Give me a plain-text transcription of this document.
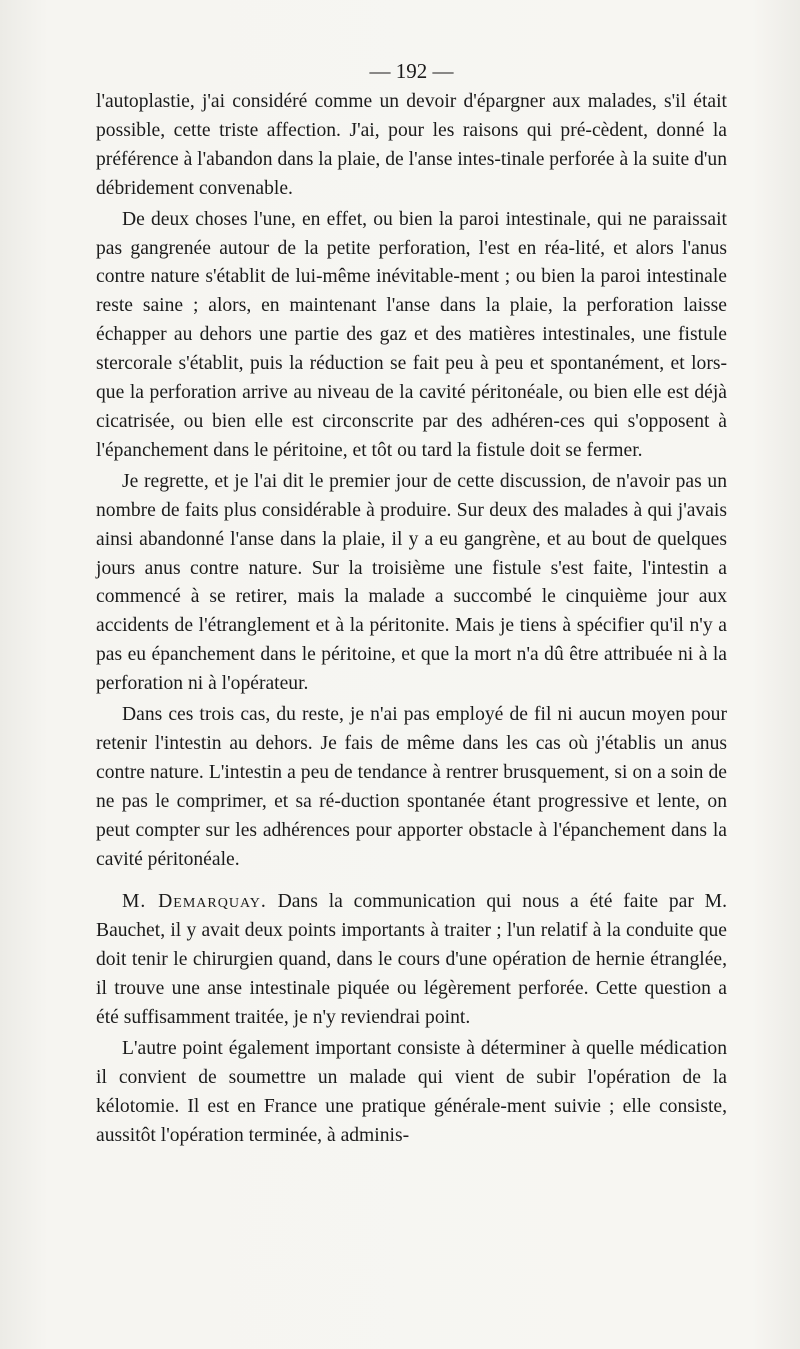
— 192 —

l'autoplastie, j'ai considéré comme un devoir d'épargner aux malades, s'il était possible, cette triste affection. J'ai, pour les raisons qui pré-cèdent, donné la préférence à l'abandon dans la plaie, de l'anse intes-tinale perforée à la suite d'un débridement convenable.

De deux choses l'une, en effet, ou bien la paroi intestinale, qui ne paraissait pas gangrenée autour de la petite perforation, l'est en réa-lité, et alors l'anus contre nature s'établit de lui-même inévitable-ment ; ou bien la paroi intestinale reste saine ; alors, en maintenant l'anse dans la plaie, la perforation laisse échapper au dehors une partie des gaz et des matières intestinales, une fistule stercorale s'établit, puis la réduction se fait peu à peu et spontanément, et lors-que la perforation arrive au niveau de la cavité péritonéale, ou bien elle est déjà cicatrisée, ou bien elle est circonscrite par des adhéren-ces qui s'opposent à l'épanchement dans le péritoine, et tôt ou tard la fistule doit se fermer.

Je regrette, et je l'ai dit le premier jour de cette discussion, de n'avoir pas un nombre de faits plus considérable à produire. Sur deux des malades à qui j'avais ainsi abandonné l'anse dans la plaie, il y a eu gangrène, et au bout de quelques jours anus contre nature. Sur la troisième une fistule s'est faite, l'intestin a commencé à se retirer, mais la malade a succombé le cinquième jour aux accidents de l'étranglement et à la péritonite. Mais je tiens à spécifier qu'il n'y a pas eu épanchement dans le péritoine, et que la mort n'a dû être attribuée ni à la perforation ni à l'opérateur.

Dans ces trois cas, du reste, je n'ai pas employé de fil ni aucun moyen pour retenir l'intestin au dehors. Je fais de même dans les cas où j'établis un anus contre nature. L'intestin a peu de tendance à rentrer brusquement, si on a soin de ne pas le comprimer, et sa ré-duction spontanée étant progressive et lente, on peut compter sur les adhérences pour apporter obstacle à l'épanchement dans la cavité péritonéale.

M. Demarquay. Dans la communication qui nous a été faite par M. Bauchet, il y avait deux points importants à traiter ; l'un relatif à la conduite que doit tenir le chirurgien quand, dans le cours d'une opération de hernie étranglée, il trouve une anse intestinale piquée ou légèrement perforée. Cette question a été suffisamment traitée, je n'y reviendrai point.

L'autre point également important consiste à déterminer à quelle médication il convient de soumettre un malade qui vient de subir l'opération de la kélotomie. Il est en France une pratique générale-ment suivie ; elle consiste, aussitôt l'opération terminée, à adminis-
